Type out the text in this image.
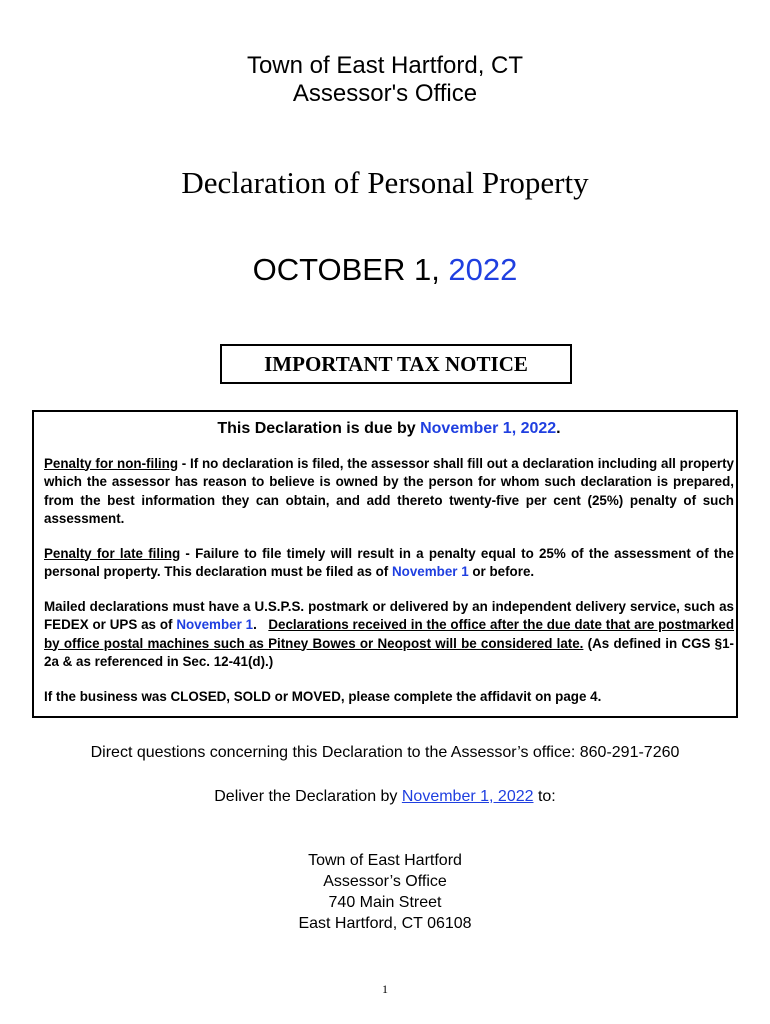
Town of East Hartford, CT
Assessor's Office
Declaration of Personal Property
OCTOBER 1, 2022
IMPORTANT TAX NOTICE

This Declaration is due by November 1, 2022.

Penalty for non-filing - If no declaration is filed, the assessor shall fill out a declaration including all property which the assessor has reason to believe is owned by the person for whom such declaration is prepared, from the best information they can obtain, and add thereto twenty-five per cent (25%) penalty of such assessment.

Penalty for late filing - Failure to file timely will result in a penalty equal to 25% of the assessment of the personal property. This declaration must be filed as of November 1 or before.

Mailed declarations must have a U.S.P.S. postmark or delivered by an independent delivery service, such as FEDEX or UPS as of November 1.   Declarations received in the office after the due date that are postmarked by office postal machines such as Pitney Bowes or Neopost will be considered late. (As defined in CGS §1-2a & as referenced in Sec. 12-41(d).)

If the business was CLOSED, SOLD or MOVED, please complete the affidavit on page 4.

Direct questions concerning this Declaration to the Assessor’s office: 860-291-7260
Deliver the Declaration by November 1, 2022 to:
Town of East Hartford
Assessor’s Office
740 Main Street
East Hartford, CT 06108
1
